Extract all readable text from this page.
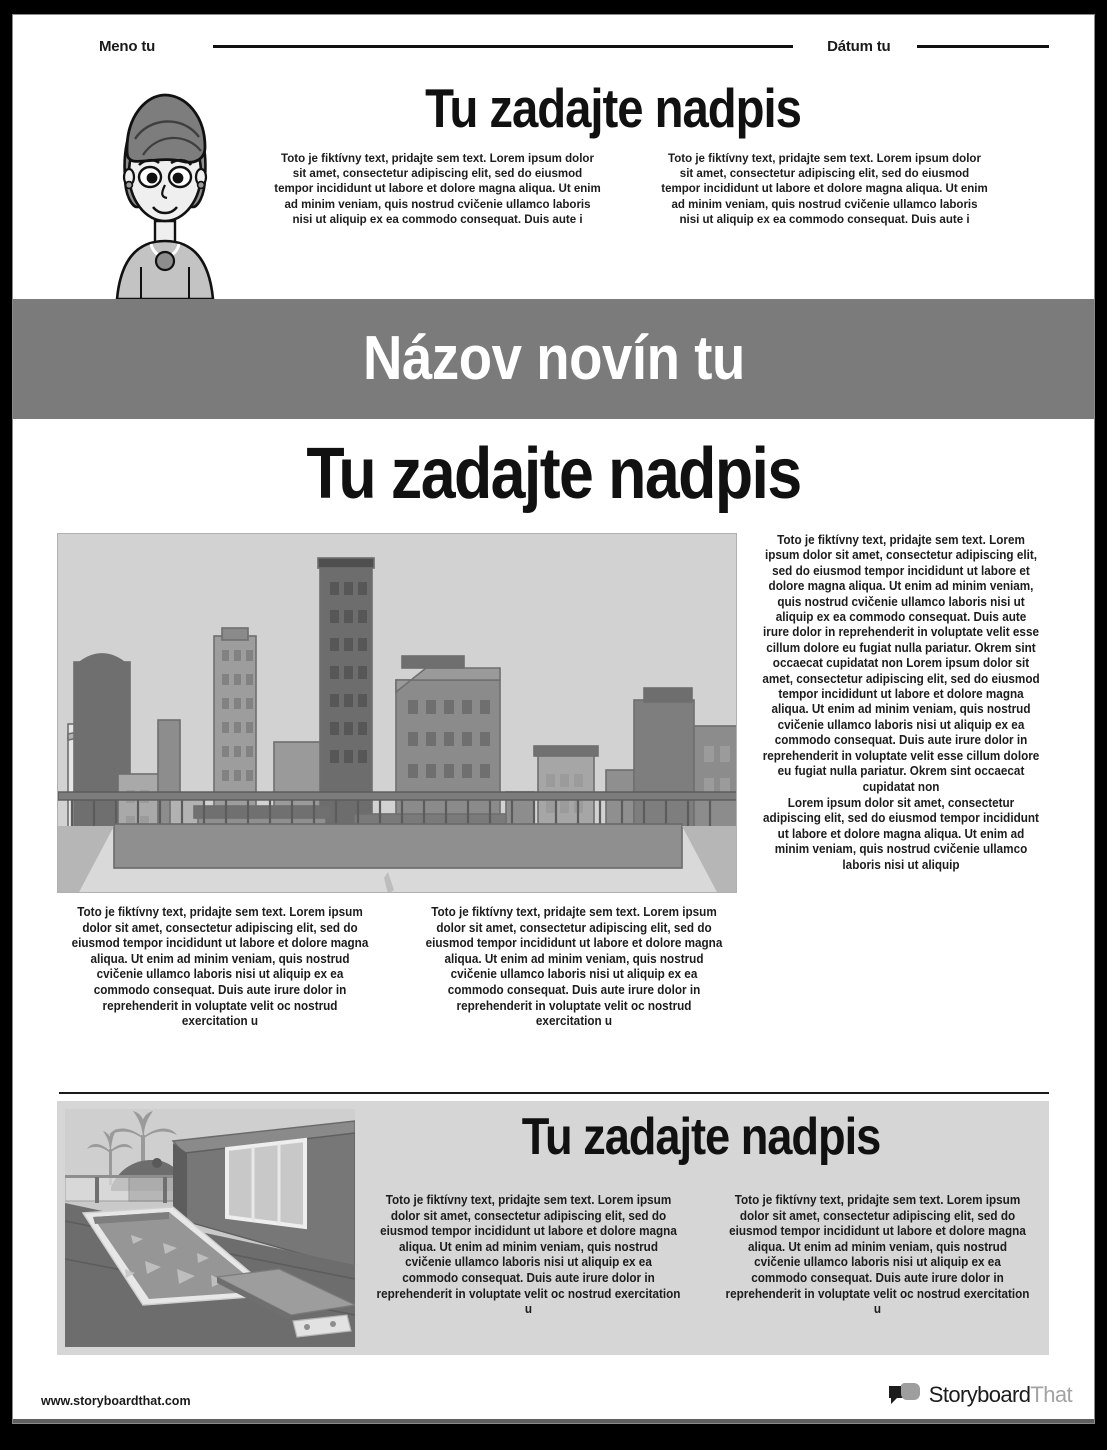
Meno tu	Dátum tu
Tu zadajte nadpis
Toto je fiktívny text, pridajte sem text. Lorem ipsum dolor sit amet, consectetur adipiscing elit, sed do eiusmod tempor incididunt ut labore et dolore magna aliqua. Ut enim ad minim veniam, quis nostrud cvičenie ullamco laboris nisi ut aliquip ex ea commodo consequat. Duis aute i
Toto je fiktívny text, pridajte sem text. Lorem ipsum dolor sit amet, consectetur adipiscing elit, sed do eiusmod tempor incididunt ut labore et dolore magna aliqua. Ut enim ad minim veniam, quis nostrud cvičenie ullamco laboris nisi ut aliquip ex ea commodo consequat. Duis aute i
Názov novín tu
Tu zadajte nadpis

Toto je fiktívny text, pridajte sem text. Lorem ipsum dolor sit amet, consectetur adipiscing elit, sed do eiusmod tempor incididunt ut labore et dolore magna aliqua. Ut enim ad minim veniam, quis nostrud cvičenie ullamco laboris nisi ut aliquip ex ea commodo consequat. Duis aute irure dolor in reprehenderit in voluptate velit esse cillum dolore eu fugiat nulla pariatur. Okrem sint occaecat cupidatat non Lorem ipsum dolor sit amet, consectetur adipiscing elit, sed do eiusmod tempor incididunt ut labore et dolore magna aliqua. Ut enim ad minim veniam, quis nostrud cvičenie ullamco laboris nisi ut aliquip ex ea commodo consequat. Duis aute irure dolor in reprehenderit in voluptate velit esse cillum dolore eu fugiat nulla pariatur. Okrem sint occaecat cupidatat non

Lorem ipsum dolor sit amet, consectetur adipiscing elit, sed do eiusmod tempor incididunt ut labore et dolore magna aliqua. Ut enim ad minim veniam, quis nostrud cvičenie ullamco laboris nisi ut aliquip

Toto je fiktívny text, pridajte sem text. Lorem ipsum dolor sit amet, consectetur adipiscing elit, sed do eiusmod tempor incididunt ut labore et dolore magna aliqua. Ut enim ad minim veniam, quis nostrud cvičenie ullamco laboris nisi ut aliquip ex ea commodo consequat. Duis aute irure dolor in reprehenderit in voluptate velit oc nostrud exercitation u
Toto je fiktívny text, pridajte sem text. Lorem ipsum dolor sit amet, consectetur adipiscing elit, sed do eiusmod tempor incididunt ut labore et dolore magna aliqua. Ut enim ad minim veniam, quis nostrud cvičenie ullamco laboris nisi ut aliquip ex ea commodo consequat. Duis aute irure dolor in reprehenderit in voluptate velit oc nostrud exercitation u
Tu zadajte nadpis
Toto je fiktívny text, pridajte sem text. Lorem ipsum dolor sit amet, consectetur adipiscing elit, sed do eiusmod tempor incididunt ut labore et dolore magna aliqua. Ut enim ad minim veniam, quis nostrud cvičenie ullamco laboris nisi ut aliquip ex ea commodo consequat. Duis aute irure dolor in reprehenderit in voluptate velit oc nostrud exercitation u
Toto je fiktívny text, pridajte sem text. Lorem ipsum dolor sit amet, consectetur adipiscing elit, sed do eiusmod tempor incididunt ut labore et dolore magna aliqua. Ut enim ad minim veniam, quis nostrud cvičenie ullamco laboris nisi ut aliquip ex ea commodo consequat. Duis aute irure dolor in reprehenderit in voluptate velit oc nostrud exercitation u
www.storyboardthat.com	StoryboardThat
